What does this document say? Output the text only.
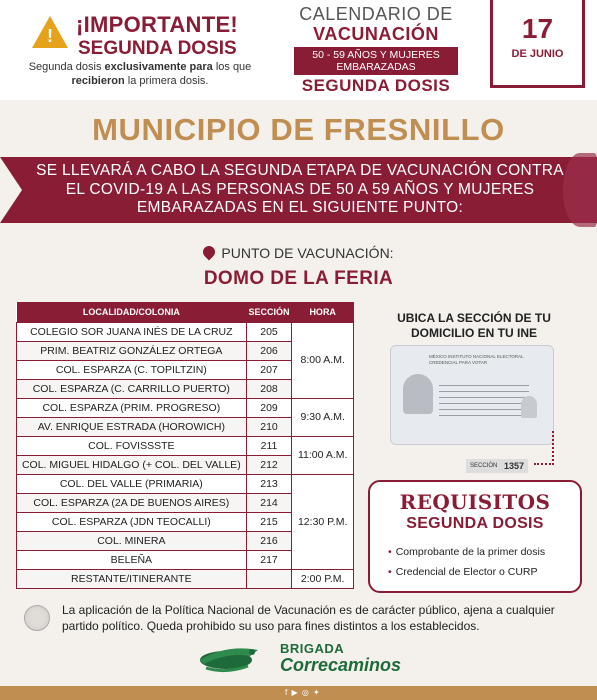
! ¡IMPORTANTE!
SEGUNDA DOSIS
Segunda dosis exclusivamente para los que
recibieron la primera dosis.
CALENDARIO DE
VACUNACIÓN
50 - 59 AÑOS Y MUJERES EMBARAZADAS
SEGUNDA DOSIS
17
DE JUNIO
MUNICIPIO DE FRESNILLO
SE LLEVARÁ A CABO LA SEGUNDA ETAPA DE VACUNACIÓN CONTRA EL COVID-19 A LAS PERSONAS DE 50 A 59 AÑOS Y MUJERES EMBARAZADAS EN EL SIGUIENTE PUNTO:
PUNTO DE VACUNACIÓN:
DOMO DE LA FERIA
LOCALIDAD/COLONIA	SECCIÓN	HORA
COLEGIO SOR JUANA INÉS DE LA CRUZ	205	8:00 A.M.
PRIM. BEATRIZ GONZÁLEZ ORTEGA	206	
COL. ESPARZA (C. TOPILTZIN)	207	
COL. ESPARZA (C. CARRILLO PUERTO)	208	
COL. ESPARZA (PRIM. PROGRESO)	209	9:30 A.M.
AV. ENRIQUE ESTRADA (HOROWICH)	210	
COL. FOVISSSTE	211	11:00 A.M.
COL. MIGUEL HIDALGO (+ COL. DEL VALLE)	212	
COL. DEL VALLE (PRIMARIA)	213	12:30 P.M.
COL. ESPARZA (2A DE BUENOS AIRES)	214	
COL. ESPARZA (JDN TEOCALLI)	215	
COL. MINERA	216	
BELEÑA	217	
RESTANTE/ITINERANTE		2:00 P.M.
UBICA LA SECCIÓN DE TU DOMICILIO EN TU INE
MÉXICO INSTITUTO NACIONAL ELECTORAL CREDENCIAL PARA VOTAR
1357
SECCIÓN
REQUISITOS
SEGUNDA DOSIS
• Comprobante de la primer dosis
• Credencial de Elector o CURP
La aplicación de la Política Nacional de Vacunación es de carácter público, ajena a cualquier partido político. Queda prohibido su uso para fines distintos a los establecidos.
BRIGADA
Correcaminos
f ▶ ◎ ✦
